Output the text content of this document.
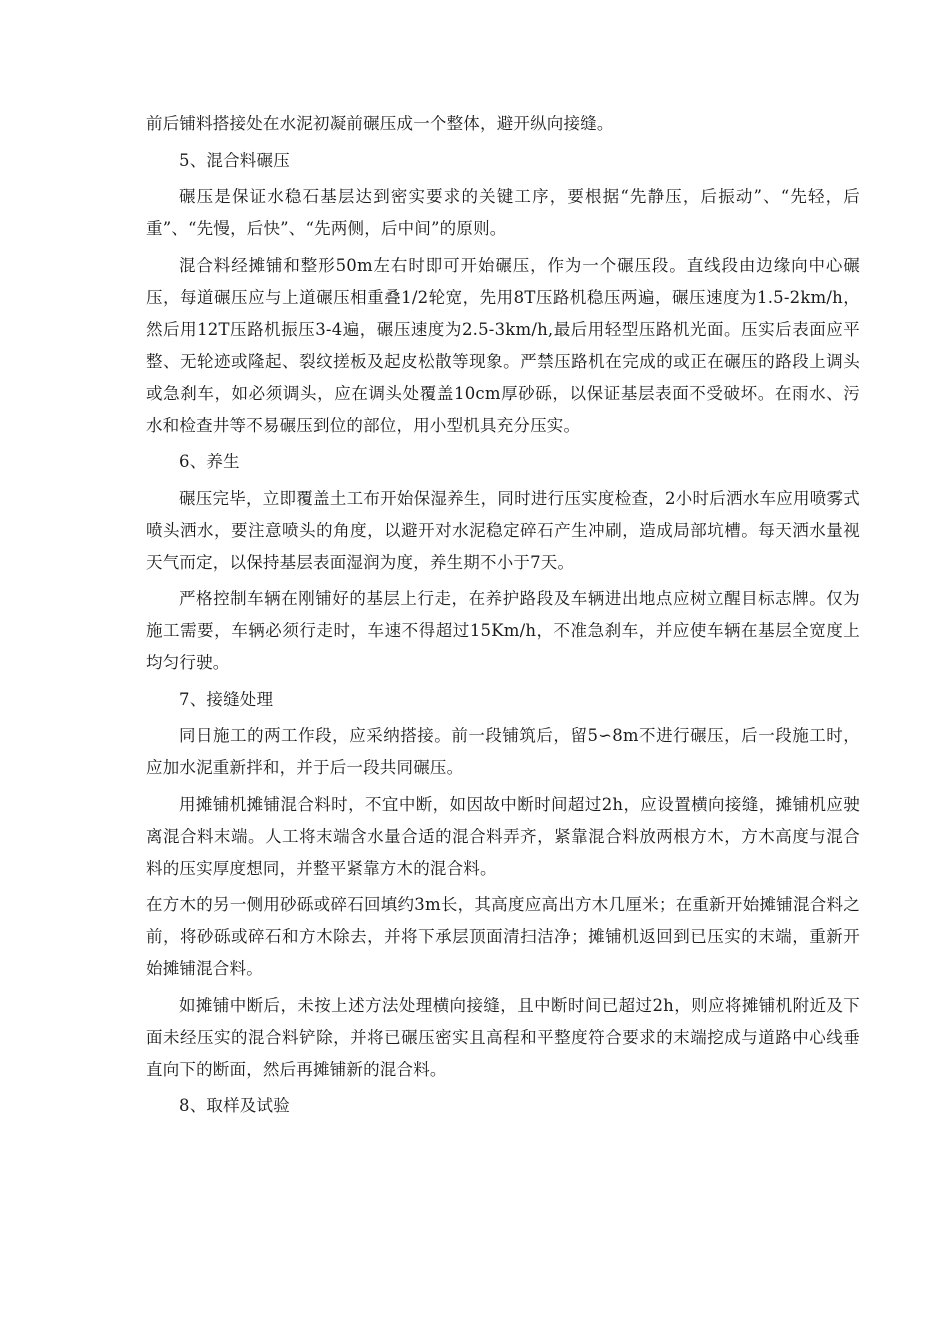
前后铺料搭接处在水泥初凝前碾压成一个整体，避开纵向接缝。

5、混合料碾压

碾压是保证水稳石基层达到密实要求的关键工序，要根据“先静压，后振动”、“先轻，后重”、“先慢，后快”、“先两侧，后中间”的原则。

混合料经摊铺和整形50m左右时即可开始碾压，作为一个碾压段。直线段由边缘向中心碾压，每道碾压应与上道碾压相重叠1/2轮宽，先用8T压路机稳压两遍，碾压速度为1.5-2km/h，然后用12T压路机振压3-4遍，碾压速度为2.5-3km/h,最后用轻型压路机光面。压实后表面应平整、无轮迹或隆起、裂纹搓板及起皮松散等现象。严禁压路机在完成的或正在碾压的路段上调头或急刹车，如必须调头，应在调头处覆盖10cm厚砂砾，以保证基层表面不受破坏。在雨水、污水和检查井等不易碾压到位的部位，用小型机具充分压实。

6、养生

碾压完毕，立即覆盖土工布开始保湿养生，同时进行压实度检查，2小时后洒水车应用喷雾式喷头洒水，要注意喷头的角度，以避开对水泥稳定碎石产生冲刷，造成局部坑槽。每天洒水量视天气而定，以保持基层表面湿润为度，养生期不小于7天。

严格控制车辆在刚铺好的基层上行走，在养护路段及车辆进出地点应树立醒目标志牌。仅为施工需要，车辆必须行走时，车速不得超过15Km/h，不准急刹车，并应使车辆在基层全宽度上均匀行驶。

7、接缝处理

同日施工的两工作段，应采纳搭接。前一段铺筑后，留5∽8m不进行碾压，后一段施工时，应加水泥重新拌和，并于后一段共同碾压。

用摊铺机摊铺混合料时，不宜中断，如因故中断时间超过2h，应设置横向接缝，摊铺机应驶离混合料末端。人工将末端含水量合适的混合料弄齐，紧靠混合料放两根方木，方木高度与混合料的压实厚度想同，并整平紧靠方木的混合料。

在方木的另一侧用砂砾或碎石回填约3m长，其高度应高出方木几厘米；在重新开始摊铺混合料之前，将砂砾或碎石和方木除去，并将下承层顶面清扫洁净；摊铺机返回到已压实的末端，重新开始摊铺混合料。

如摊铺中断后，未按上述方法处理横向接缝，且中断时间已超过2h，则应将摊铺机附近及下面未经压实的混合料铲除，并将已碾压密实且高程和平整度符合要求的末端挖成与道路中心线垂直向下的断面，然后再摊铺新的混合料。

8、取样及试验
